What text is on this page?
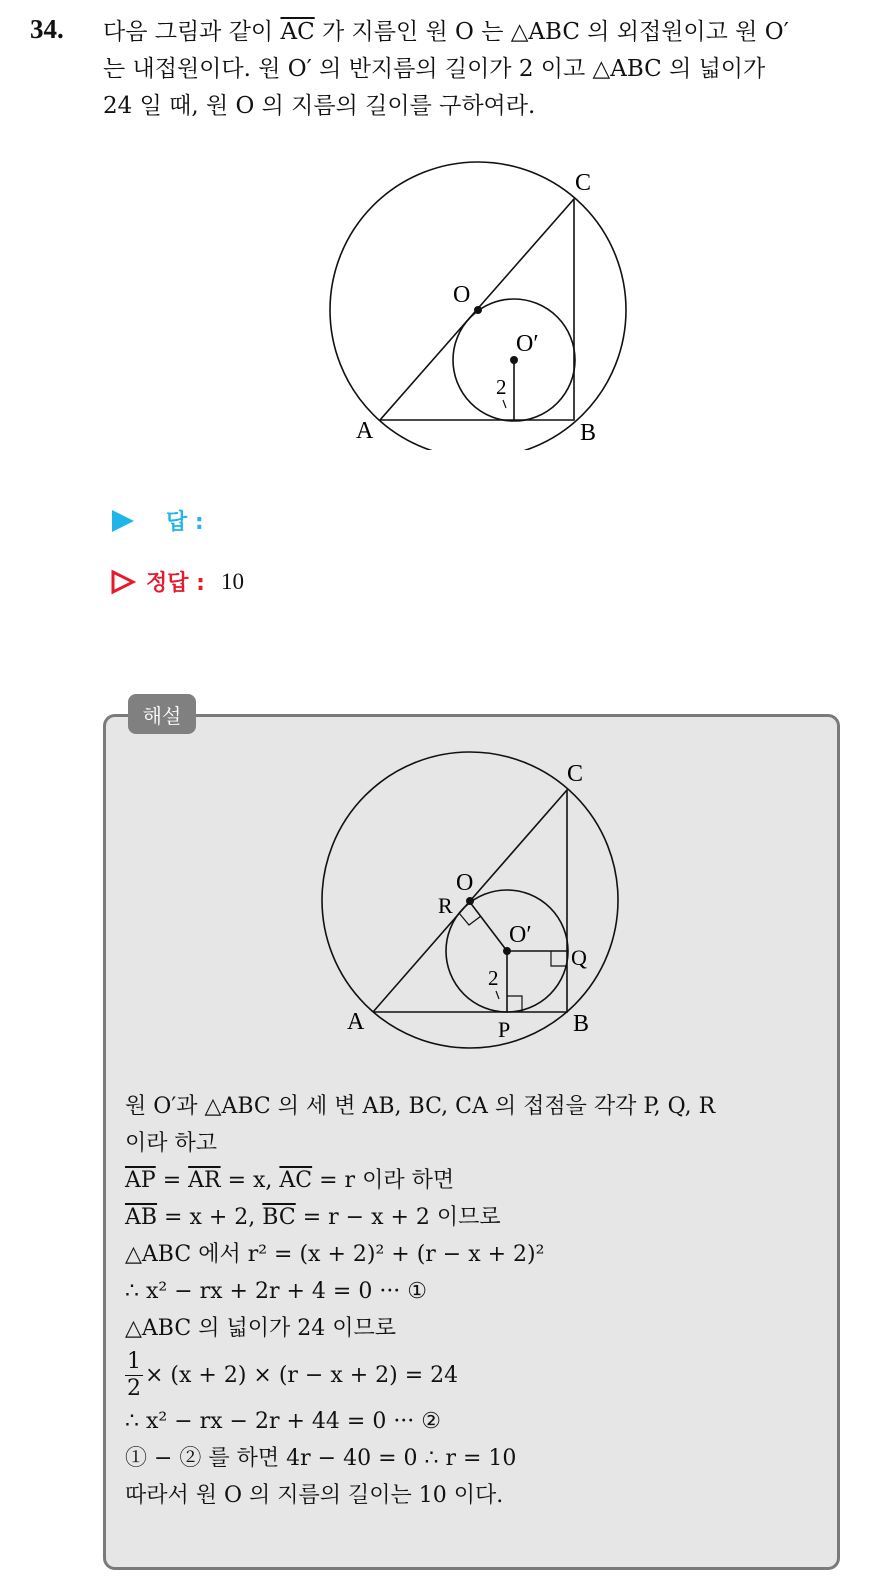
34. 다음 그림과 같이 $\overline{AC}$ 가 지름인 원 O 는 △ABC 의 외접원이고 원 O′
는 내접원이다. 원 O′ 의 반지름의 길이가 2 이고 △ABC 의 넓이가
24 일 때, 원 O 의 지름의 길이를 구하여라.
C
O
O′
2
A	B
답 :
정답 : 10
해설
C
O
R
O′
Q
2
A	P	B
원 O′과 △ABC 의 세 변 AB, BC, CA 의 접점을 각각 P, Q, R
이라 하고
$\overline{AP} = \overline{AR} = x$, $\overline{AC} = r$ 이라 하면
$\overline{AB} = x + 2$, $\overline{BC} = r - x + 2$ 이므로
△ABC 에서 r² = (x + 2)² + (r − x + 2)²
∴ x² − rx + 2r + 4 = 0 ··· ①
△ABC 의 넓이가 24 이므로
$\frac{1}{2} \times (x + 2) \times (r - x + 2) = 24$
∴ x² − rx − 2r + 44 = 0 ··· ②
① − ② 를 하면 4r − 40 = 0 ∴ r = 10
따라서 원 O 의 지름의 길이는 10 이다.
